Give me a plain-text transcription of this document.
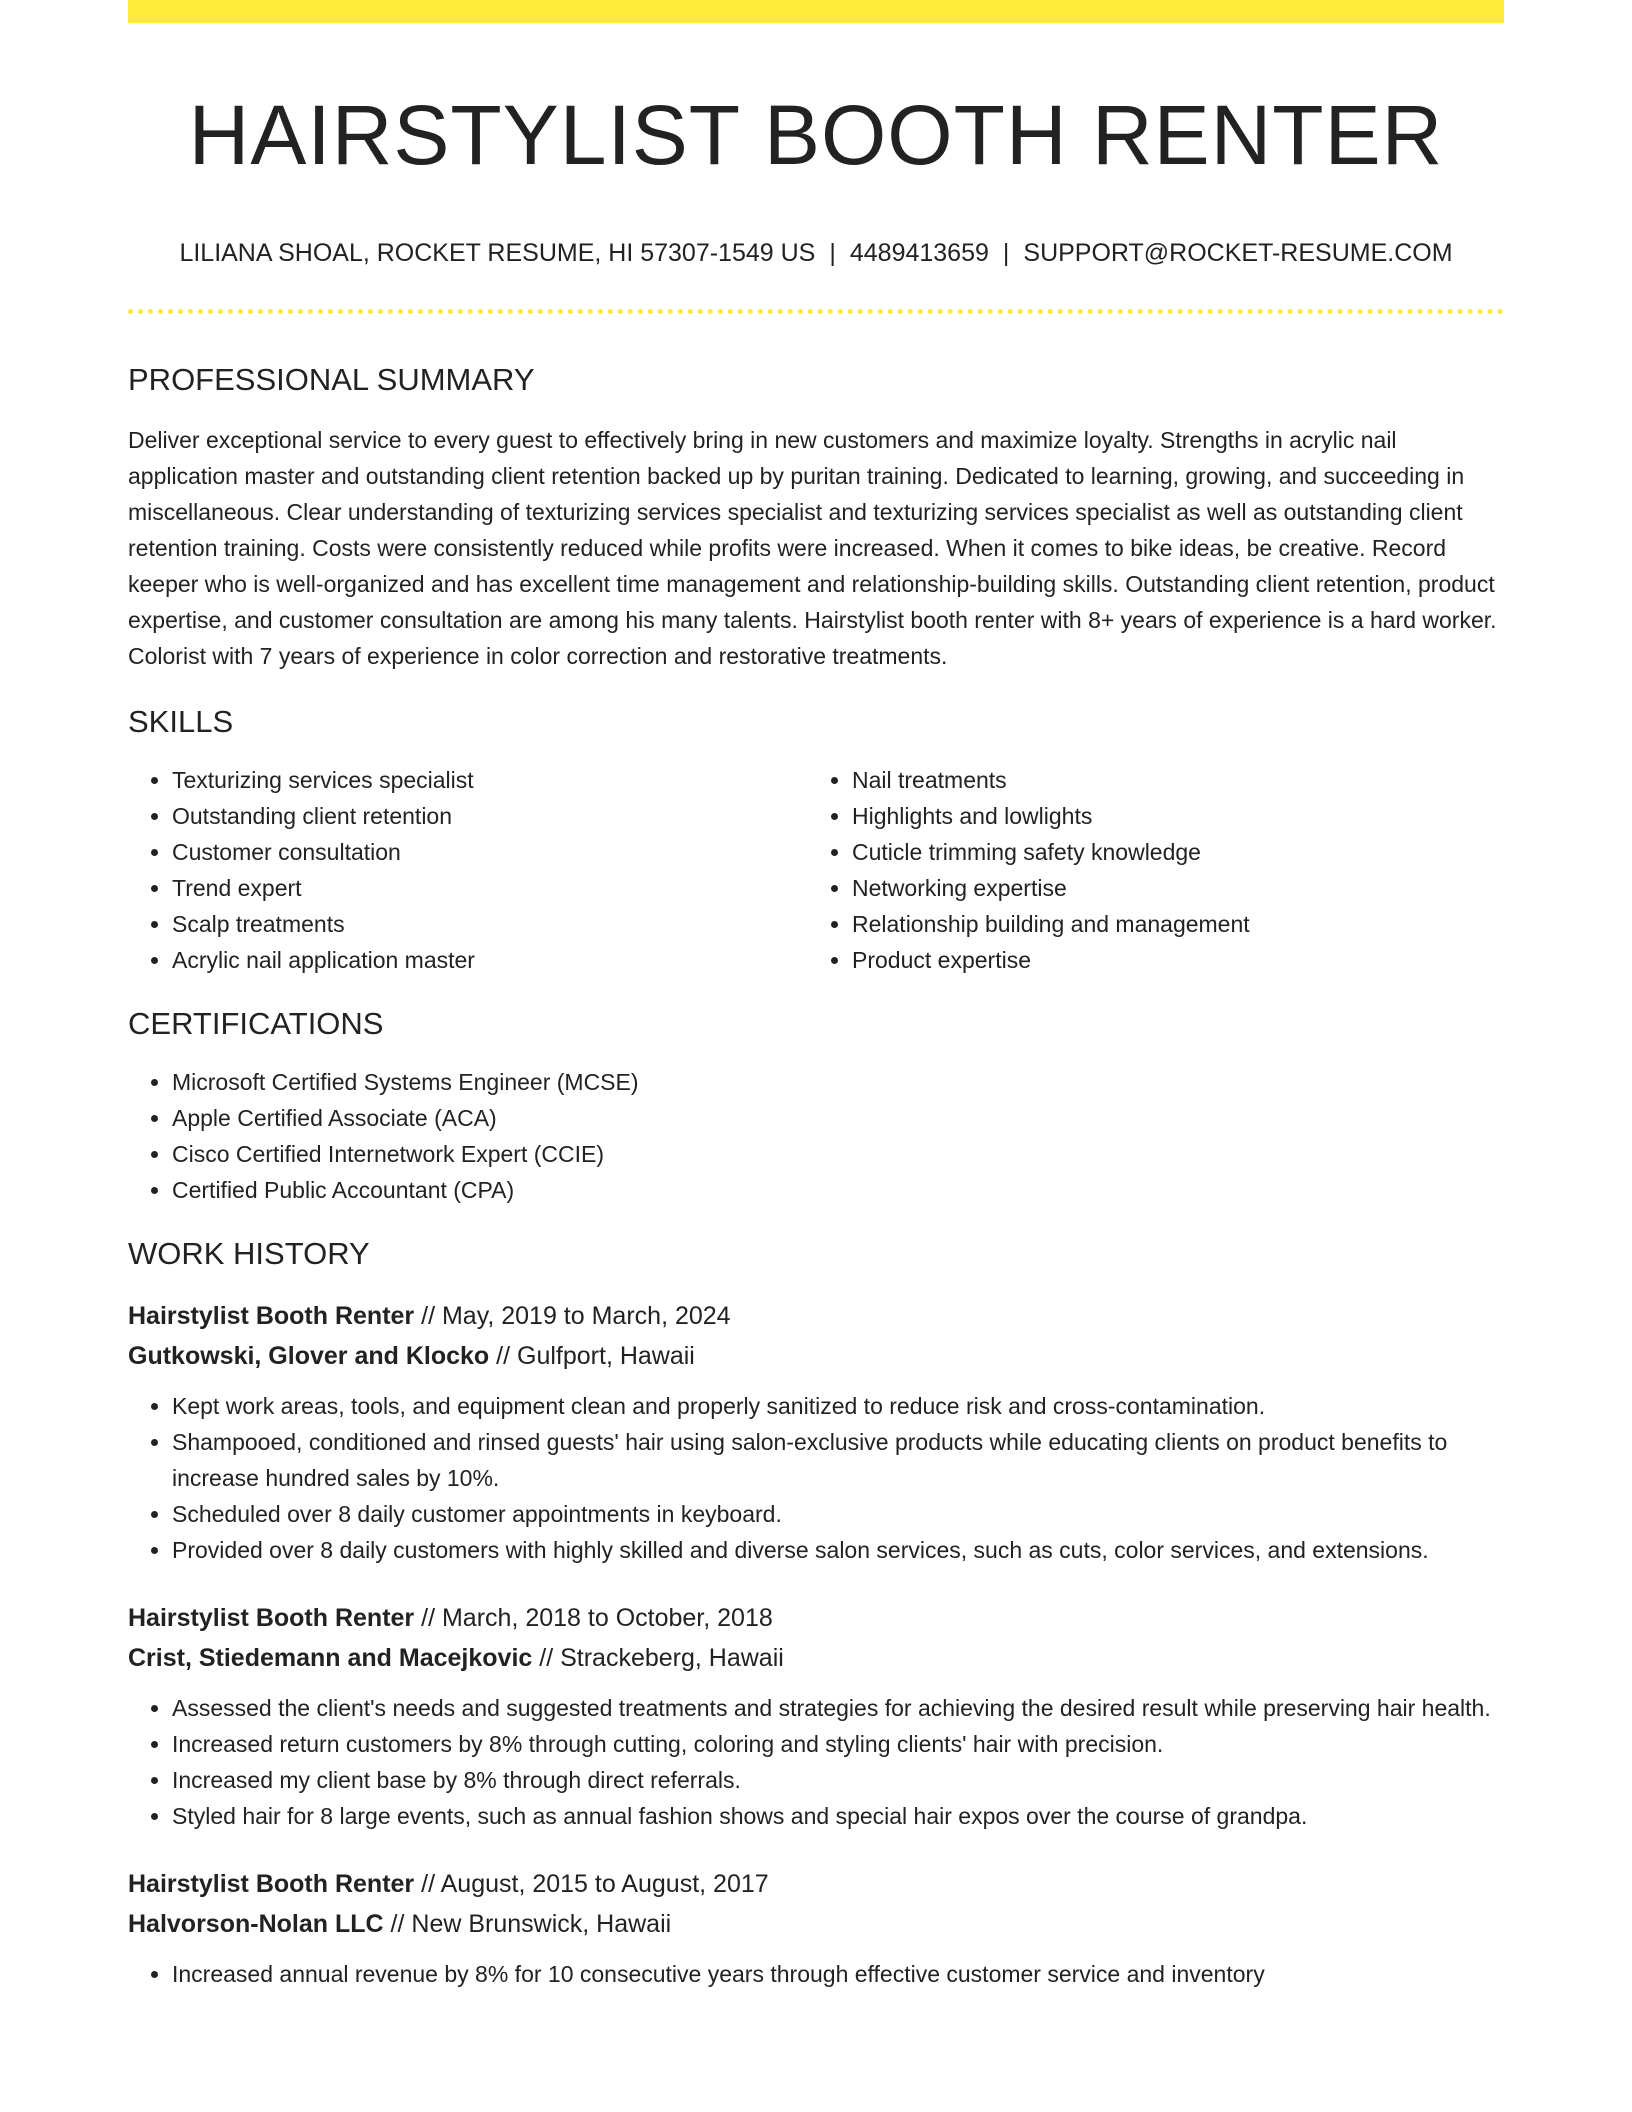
HAIRSTYLIST BOOTH RENTER
LILIANA SHOAL, ROCKET RESUME, HI 57307-1549 US | 4489413659 | SUPPORT@ROCKET-RESUME.COM
PROFESSIONAL SUMMARY
Deliver exceptional service to every guest to effectively bring in new customers and maximize loyalty. Strengths in acrylic nail application master and outstanding client retention backed up by puritan training. Dedicated to learning, growing, and succeeding in miscellaneous. Clear understanding of texturizing services specialist and texturizing services specialist as well as outstanding client retention training. Costs were consistently reduced while profits were increased. When it comes to bike ideas, be creative. Record keeper who is well-organized and has excellent time management and relationship-building skills. Outstanding client retention, product expertise, and customer consultation are among his many talents. Hairstylist booth renter with 8+ years of experience is a hard worker. Colorist with 7 years of experience in color correction and restorative treatments.
SKILLS
• Texturizing services specialist
• Outstanding client retention
• Customer consultation
• Trend expert
• Scalp treatments
• Acrylic nail application master
• Nail treatments
• Highlights and lowlights
• Cuticle trimming safety knowledge
• Networking expertise
• Relationship building and management
• Product expertise
CERTIFICATIONS
• Microsoft Certified Systems Engineer (MCSE)
• Apple Certified Associate (ACA)
• Cisco Certified Internetwork Expert (CCIE)
• Certified Public Accountant (CPA)
WORK HISTORY
Hairstylist Booth Renter // May, 2019 to March, 2024
Gutkowski, Glover and Klocko // Gulfport, Hawaii
• Kept work areas, tools, and equipment clean and properly sanitized to reduce risk and cross-contamination.
• Shampooed, conditioned and rinsed guests' hair using salon-exclusive products while educating clients on product benefits to increase hundred sales by 10%.
• Scheduled over 8 daily customer appointments in keyboard.
• Provided over 8 daily customers with highly skilled and diverse salon services, such as cuts, color services, and extensions.
Hairstylist Booth Renter // March, 2018 to October, 2018
Crist, Stiedemann and Macejkovic // Strackeberg, Hawaii
• Assessed the client's needs and suggested treatments and strategies for achieving the desired result while preserving hair health.
• Increased return customers by 8% through cutting, coloring and styling clients' hair with precision.
• Increased my client base by 8% through direct referrals.
• Styled hair for 8 large events, such as annual fashion shows and special hair expos over the course of grandpa.
Hairstylist Booth Renter // August, 2015 to August, 2017
Halvorson-Nolan LLC // New Brunswick, Hawaii
• Increased annual revenue by 8% for 10 consecutive years through effective customer service and inventory
